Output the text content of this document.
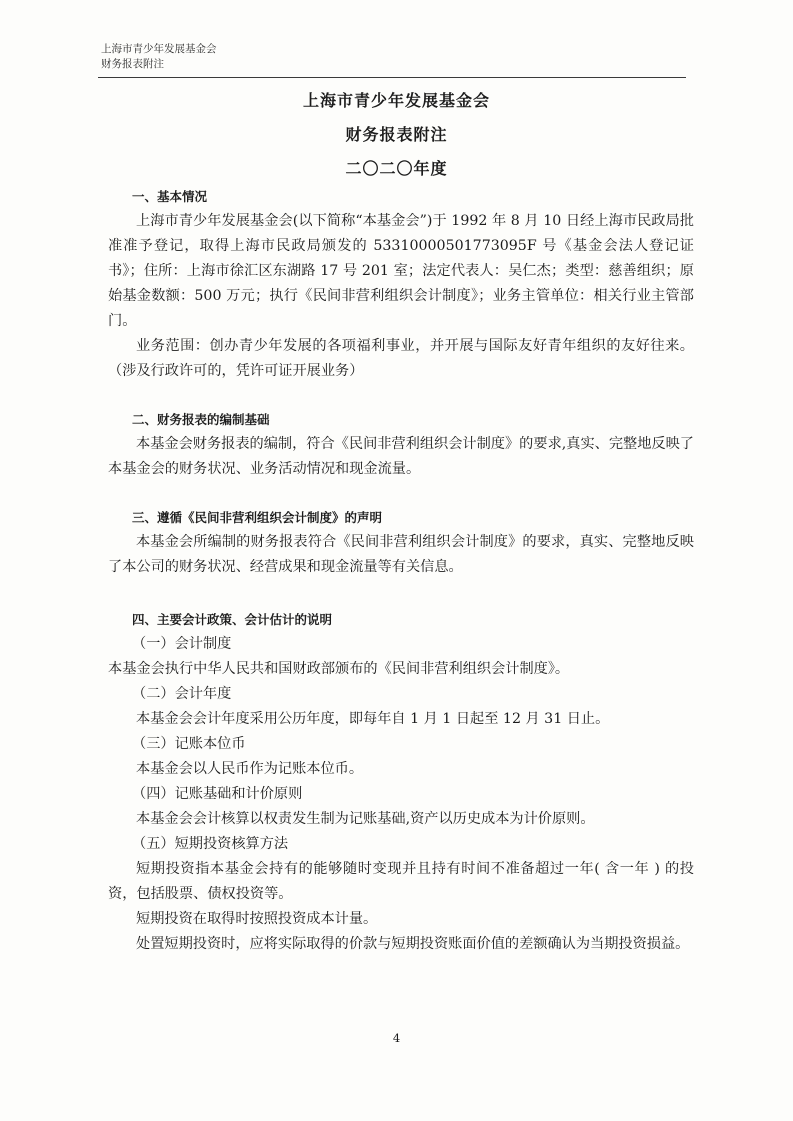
上海市青少年发展基金会
财务报表附注
上海市青少年发展基金会
财务报表附注
二〇二〇年度
一、基本情况
上海市青少年发展基金会(以下简称“本基金会”)于 1992 年 8 月 10 日经上海市民政局批准准予登记，取得上海市民政局颁发的 53310000501773095F 号《基金会法人登记证书》；住所：上海市徐汇区东湖路 17 号 201 室；法定代表人：吴仁杰；类型：慈善组织；原始基金数额：500 万元；执行《民间非营利组织会计制度》；业务主管单位：相关行业主管部门。
业务范围：创办青少年发展的各项福利事业，并开展与国际友好青年组织的友好往来。（涉及行政许可的，凭许可证开展业务）
二、财务报表的编制基础
本基金会财务报表的编制，符合《民间非营利组织会计制度》的要求,真实、完整地反映了本基金会的财务状况、业务活动情况和现金流量。
三、遵循《民间非营利组织会计制度》的声明
本基金会所编制的财务报表符合《民间非营利组织会计制度》的要求，真实、完整地反映了本公司的财务状况、经营成果和现金流量等有关信息。
四、主要会计政策、会计估计的说明
（一）会计制度
本基金会执行中华人民共和国财政部颁布的《民间非营利组织会计制度》。
（二）会计年度
本基金会会计年度采用公历年度，即每年自 1 月 1 日起至 12 月 31 日止。
（三）记账本位币
本基金会以人民币作为记账本位币。
（四）记账基础和计价原则
本基金会会计核算以权责发生制为记账基础,资产以历史成本为计价原则。
（五）短期投资核算方法
短期投资指本基金会持有的能够随时变现并且持有时间不准备超过一年( 含一年 ) 的投资，包括股票、债权投资等。
短期投资在取得时按照投资成本计量。
处置短期投资时，应将实际取得的价款与短期投资账面价值的差额确认为当期投资损益。
4
